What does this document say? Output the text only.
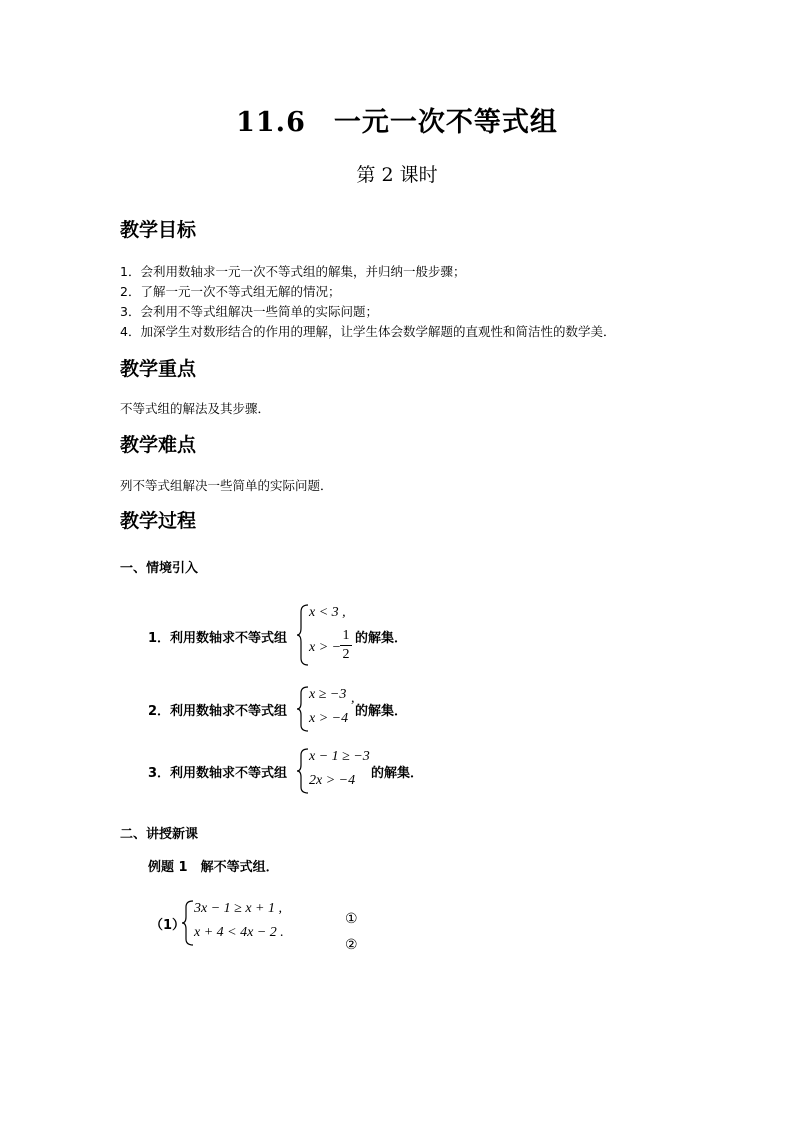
11.6　一元一次不等式组
第 2 课时
教学目标
1．会利用数轴求一元一次不等式组的解集，并归纳一般步骤；
2．了解一元一次不等式组无解的情况；
3．会利用不等式组解决一些简单的实际问题；
4．加深学生对数形结合的作用的理解，让学生体会数学解题的直观性和简洁性的数学美．
教学重点
不等式组的解法及其步骤．
教学难点
列不等式组解决一些简单的实际问题．
教学过程
一、情境引入
1．利用数轴求不等式组
x < 3 ,
x > −
1
2
的解集．
2．利用数轴求不等式组
x ≥ −3 ,
x > −4 的解集．
3．利用数轴求不等式组
x − 1 ≥ −3
2x > −4 的解集．
二、讲授新课
例题 1　解不等式组．
（1）
3x − 1 ≥ x + 1 ,
x + 4 < 4x − 2 .
①
②
